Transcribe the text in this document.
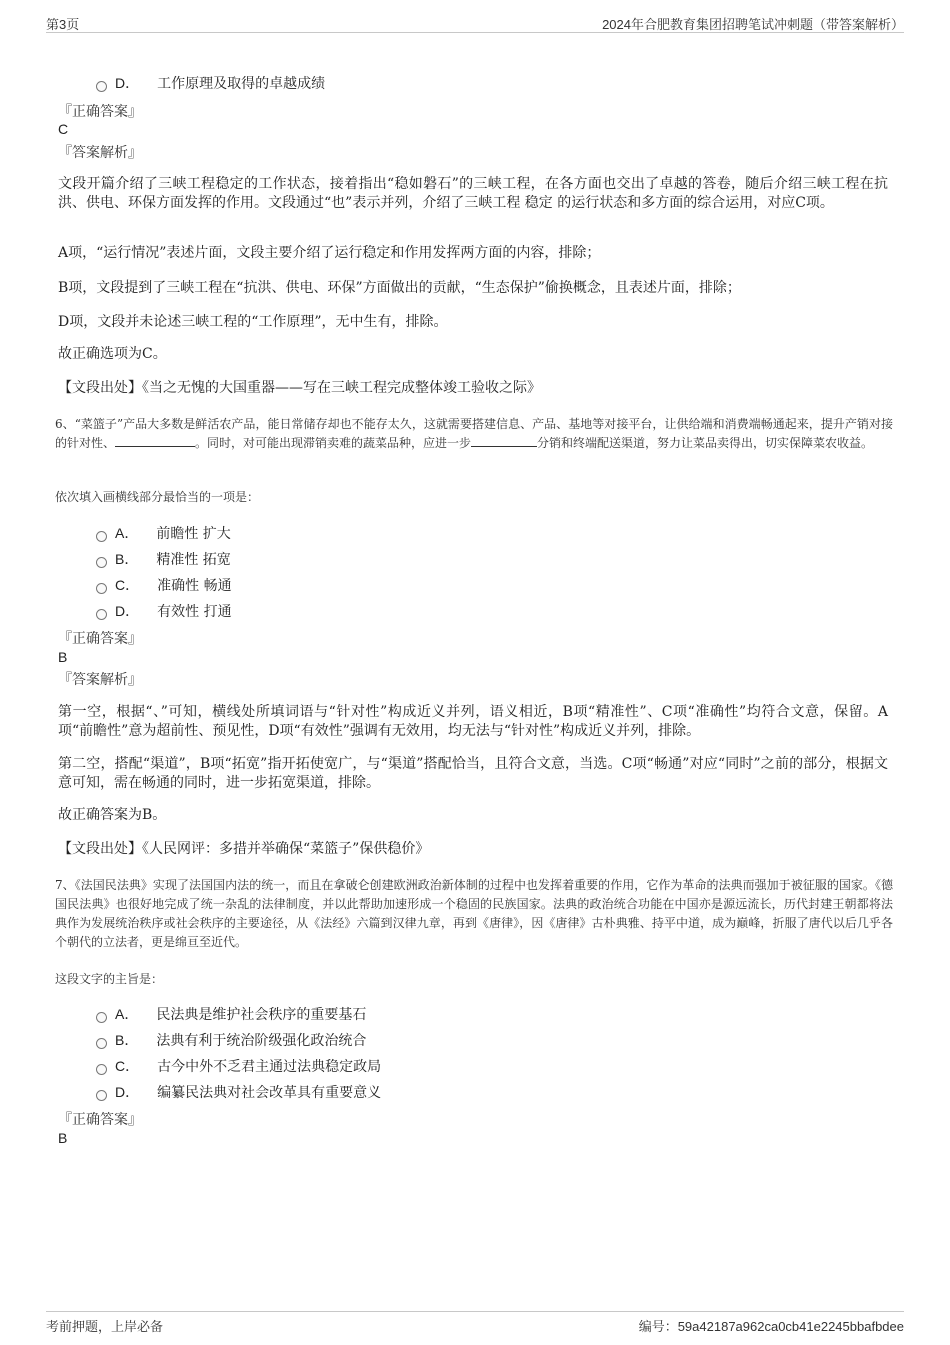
第3页	2024年合肥教育集团招聘笔试冲刺题（带答案解析）
D． 工作原理及取得的卓越成绩
『正确答案』
C
『答案解析』
文段开篇介绍了三峡工程稳定的工作状态，接着指出“稳如磐石”的三峡工程，在各方面也交出了卓越的答卷，随后介绍三峡工程在抗洪、供电、环保方面发挥的作用。文段通过“也”表示并列，介绍了三峡工程 稳定 的运行状态和多方面的综合运用，对应C项。
A项，“运行情况”表述片面，文段主要介绍了运行稳定和作用发挥两方面的内容，排除；
B项，文段提到了三峡工程在“抗洪、供电、环保”方面做出的贡献，“生态保护”偷换概念，且表述片面，排除；
D项，文段并未论述三峡工程的“工作原理”，无中生有，排除。
故正确选项为C。
【文段出处】《当之无愧的大国重器——写在三峡工程完成整体竣工验收之际》
6、“菜篮子”产品大多数是鲜活农产品，能日常储存却也不能存太久，这就需要搭建信息、产品、基地等对接平台，让供给端和消费端畅通起来，提升产销对接的针对性、	。同时，对可能出现滞销卖难的蔬菜品种，应进一步	分销和终端配送渠道，努力让菜品卖得出，切实保障菜农收益。
依次填入画横线部分最恰当的一项是：
A． 前瞻性 扩大
B． 精准性 拓宽
C． 准确性 畅通
D． 有效性 打通
『正确答案』
B
『答案解析』
第一空，根据“、”可知，横线处所填词语与“针对性”构成近义并列，语义相近，B项“精准性”、C项“准确性”均符合文意，保留。A项“前瞻性”意为超前性、预见性，D项“有效性”强调有无效用，均无法与“针对性”构成近义并列，排除。
第二空，搭配“渠道”，B项“拓宽”指开拓使宽广，与“渠道”搭配恰当，且符合文意，当选。C项“畅通”对应“同时”之前的部分，根据文意可知，需在畅通的同时，进一步拓宽渠道，排除。
故正确答案为B。
【文段出处】《人民网评：多措并举确保“菜篮子”保供稳价》
7、《法国民法典》实现了法国国内法的统一，而且在拿破仑创建欧洲政治新体制的过程中也发挥着重要的作用，它作为革命的法典而强加于被征服的国家。《德国民法典》也很好地完成了统一杂乱的法律制度，并以此帮助加速形成一个稳固的民族国家。法典的政治统合功能在中国亦是源远流长，历代封建王朝都将法典作为发展统治秩序或社会秩序的主要途径，从《法经》六篇到汉律九章，再到《唐律》，因《唐律》古朴典雅、持平中道，成为巅峰，折服了唐代以后几乎各个朝代的立法者，更是绵亘至近代。
这段文字的主旨是：
A． 民法典是维护社会秩序的重要基石
B． 法典有利于统治阶级强化政治统合
C． 古今中外不乏君主通过法典稳定政局
D． 编纂民法典对社会改革具有重要意义
『正确答案』
B
考前押题，上岸必备	编号：59a42187a962ca0cb41e2245bbafbdee
